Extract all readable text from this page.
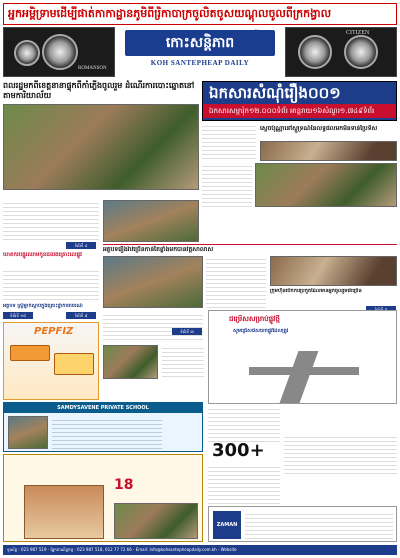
អ្នកអម្ពិទ្រាមដើម្បីផាត់កាកាដ្ឋានភូមិពីរ្រិកាបាក្រចូលិតចូសយណ្ដុលចូលពីក្រកង្វាល
ROMANSON
កោះសន្តិភាព
KOH SANTEPHEAP DAILY
ប្រចាំថ្ងៃ	CITIZEN
ពលរដ្ឋមកពីខេត្តនានាផ្ទុកពីកាំភ្លើងចូលរួម ដំណើរការបោះឆ្នោតនៅតាមការិយាល័យ	ឯកសារសំណុំរឿង០០១
ឯកសារសម្ភារ៉ុក១២.០០០ទំព័រ អាន្តរាយ១៦សំណួរ១.៧៤៩ទំព័រ
ទំព័រទី ៤
ស្ដេចប៉ុណ្ណានៅស្តួទ្រណ៍នៃលទ្ធផលមកមិនទាន់ប្រែទិស
អត្ថបទរឿងរ៉ាវច្រើនកាន់តែខ្លាំងមកបានវត្តសាលាស
ក្រុមហ៊ុនបើកការប្រកួតដែលមានអ្នកចូលរួមជាច្រើន
ឃាតករបង្ហូរឈាមកូនជនរងគ្រោះលើផ្លូវ
អត្ថបទ ស្ត្រីម្នាក់ស្លាប់ក្នុងគ្រោះថ្នាក់ចរាចរណ៍
ទំព័រទី ១៨	ទំព័រទី ៨
ទំព័រទី ៣
PEPFIZ
ជម្រើសសម្រាប់ផ្លូវថ្មី
សូមជ្រើសរើសយកផ្លូវដែលត្រូវ
SAMDYSAVENE PRIVATE SCHOOL
300+
18
ZAMAN
ទូរស័ព្ទ : 023 987 519 - ផ្នែកពាណិជ្ជកម្ម : 023 987 518, 012 77 72 66 - Email: info@kohsantepheapdaily.com.kh - Website
